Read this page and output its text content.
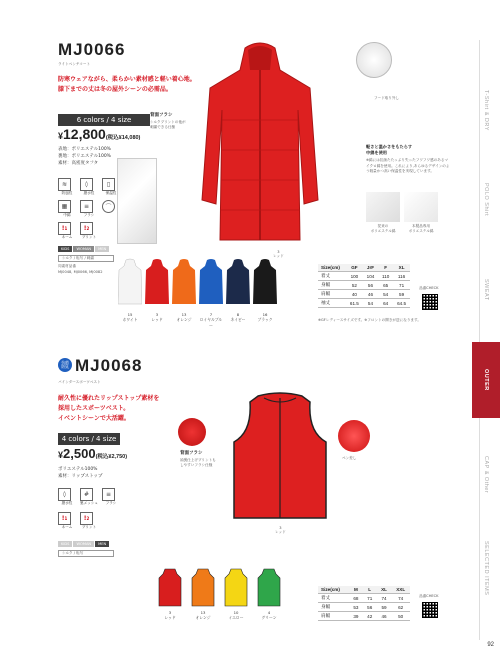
MJ0066
ライトベンチコート
防寒ウェアながら、柔らかい素材感と軽い着心地。
膝下までの丈は冬の屋外シーンの必需品。
6 colors / 4 size
¥12,800(税込¥14,080)
表地：ポリエステル100%
裏地：ポリエステル100%
素材：高密度タフタ
≋
防風性
◊
撥水性
▯
保温性
▦
中綿
≡
フラシ
⌒
! 1
ネーム
! 2
プリント
KIDS	WOMAN	MEN
シルク / 転写 / 刺繍
同素材品番
MJ0048, MJ0066, MJ0082
背面フラシ
シルクプリントの他が
刺繍できる仕様
3
レッド
フード取り外し
軽さと温かさをもたらす
中綿を使用
※綿には抗菌たたっぷり失ったフワフワ感のあるマイクロ綿を使用。これにより,あらゆるデザインのよう軽量かつ高い保温性を実現しています。
従来の
ポリエステル綿
本製品専用
ポリエステル綿
15
ホワイト
3
レッド
13
オレンジ
7
ロイヤルブルー
8
ネイビー
16
ブラック
Size(cm)	GF	JrF	F	XL
着丈	100	104	110	116
身幅	52	56	65	71
肩幅	40	46	54	59
袖丈	61.5	54	64	64.5
※GFレディースサイズです。※フロントの開きが逆になります。
品番CHECK
抗菌
防臭 MJ0068
バインダースポーツベスト
耐久性に優れたリップストップ素材を
採用したスポーツベスト。
イベントシーンで大活躍。
4 colors / 4 size
¥2,500(税込¥2,750)
ポリエステル100%
素材：リップストップ
◊
撥水性
#
裏メッシュ
≡
フラシ
! 1
ネーム
! 2
プリント
KIDS	WOMAN	MEN
シルク / 転写
背面フラシ
袖裏仕上げプリントも
しやすいフラシ仕様
3
レッド
ペン差し
3
レッド
13
オレンジ
10
イエロー
4
グリーン
Size(cm)	M	L	XL	XXL
着丈	68	71	74	74
身幅	53	56	59	62
肩幅	39	42	46	50
品番CHECK
T-Shirt & DRY
POLO Shirt
SWEAT
OUTER
CAP & Other
SELECTED ITEMS
92
